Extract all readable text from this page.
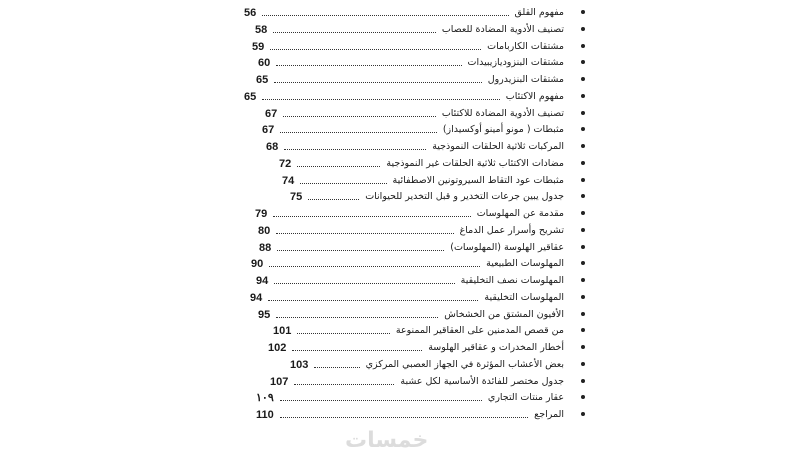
56	مفهوم القلق
58	تصنيف الأدوية المضادة للعصاب
59	مشتقات الكاربامات
60	مشتقات البنزوديازيبيدات
65	مشتقات البنزيدرول
65	مفهوم الاكتئاب
67	تصنيف الأدوية المضادة للاكتئاب
67	مثبطات ( مونو أمينو أوكسيداز)
68	المركبات ثلاثية الحلقات النموذجية
72	مضادات الاكتئاب ثلاثية الحلقات غير النموذجية
74	مثبطات عود التقاط السيروتونين الاصطفائية
75	جدول يبين جرعات التخدير و قبل التخدير للحيوانات
79	مقدمة عن المهلوسات
80	تشريح وأسرار عمل الدماغ
88	عقاقير الهلوسة (المهلوسات)
90	المهلوسات الطبيعية
94	المهلوسات نصف التخليقية
94	المهلوسات التخليقية
95	الأفيون المشتق من الخشخاش
101	من قصص المدمنين على العقاقير الممنوعة
102	أخطار المخدرات و عقاقير الهلوسة
103	بعض الأعشاب المؤثرة في الجهاز العصبي المركزي
107	جدول مختصر للفائدة الأساسية لكل عشبة
١٠٩	عقار منتات التجاري
110	المراجع
خمسات
